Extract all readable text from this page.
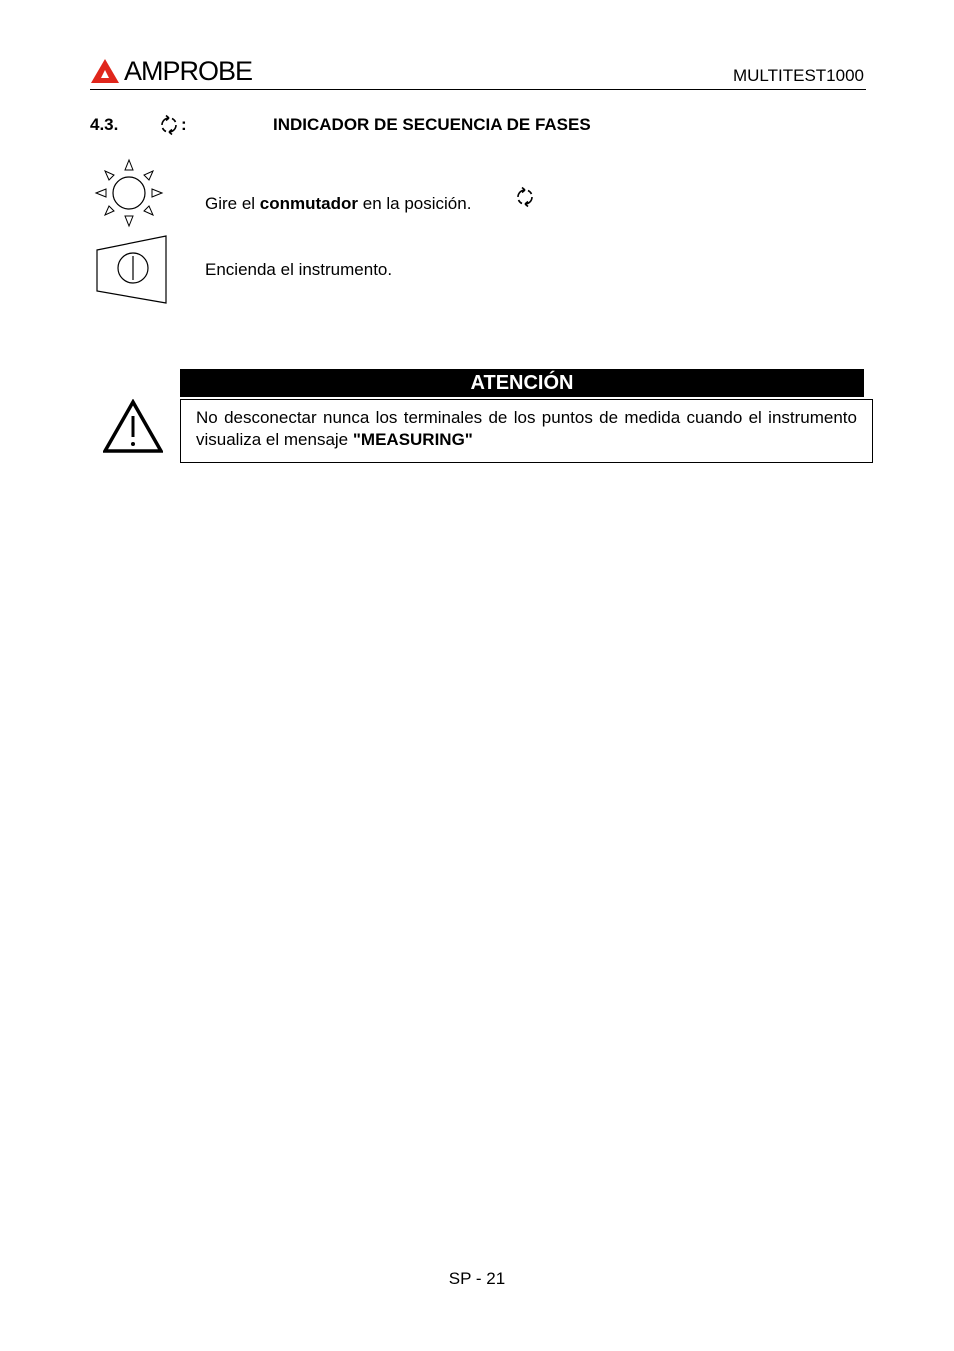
AMPROBE	MULTITEST1000
4.3.	:	INDICADOR DE SECUENCIA DE FASES
Gire el conmutador en la posición.
Encienda el instrumento.
ATENCIÓN
No desconectar nunca los terminales de los puntos de medida cuando el instrumento visualiza el mensaje "MEASURING"
SP - 21
